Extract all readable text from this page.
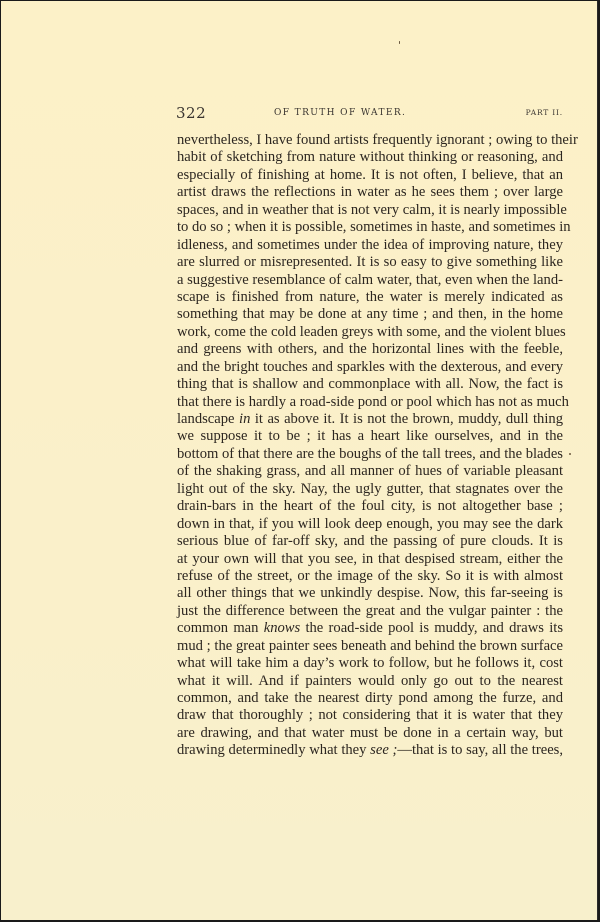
322	OF TRUTH OF WATER.	PART II.
nevertheless, I have found artists frequently ignorant ; owing to their
habit of sketching from nature without thinking or reasoning, and
especially of finishing at home. It is not often, I believe, that an
artist draws the reflections in water as he sees them ; over large
spaces, and in weather that is not very calm, it is nearly impossible
to do so ; when it is possible, sometimes in haste, and sometimes in
idleness, and sometimes under the idea of improving nature, they
are slurred or misrepresented. It is so easy to give something like
a suggestive resemblance of calm water, that, even when the land-
scape is finished from nature, the water is merely indicated as
something that may be done at any time ; and then, in the home
work, come the cold leaden greys with some, and the violent blues
and greens with others, and the horizontal lines with the feeble,
and the bright touches and sparkles with the dexterous, and every
thing that is shallow and commonplace with all. Now, the fact is
that there is hardly a road-side pond or pool which has not as much
landscape in it as above it. It is not the brown, muddy, dull thing
we suppose it to be ; it has a heart like ourselves, and in the
bottom of that there are the boughs of the tall trees, and the blades
of the shaking grass, and all manner of hues of variable pleasant
light out of the sky. Nay, the ugly gutter, that stagnates over the
drain-bars in the heart of the foul city, is not altogether base ;
down in that, if you will look deep enough, you may see the dark
serious blue of far-off sky, and the passing of pure clouds. It is
at your own will that you see, in that despised stream, either the
refuse of the street, or the image of the sky. So it is with almost
all other things that we unkindly despise. Now, this far-seeing is
just the difference between the great and the vulgar painter : the
common man knows the road-side pool is muddy, and draws its
mud ; the great painter sees beneath and behind the brown surface
what will take him a day’s work to follow, but he follows it, cost
what it will. And if painters would only go out to the nearest
common, and take the nearest dirty pond among the furze, and
draw that thoroughly ; not considering that it is water that they
are drawing, and that water must be done in a certain way, but
drawing determinedly what they see ;—that is to say, all the trees,
